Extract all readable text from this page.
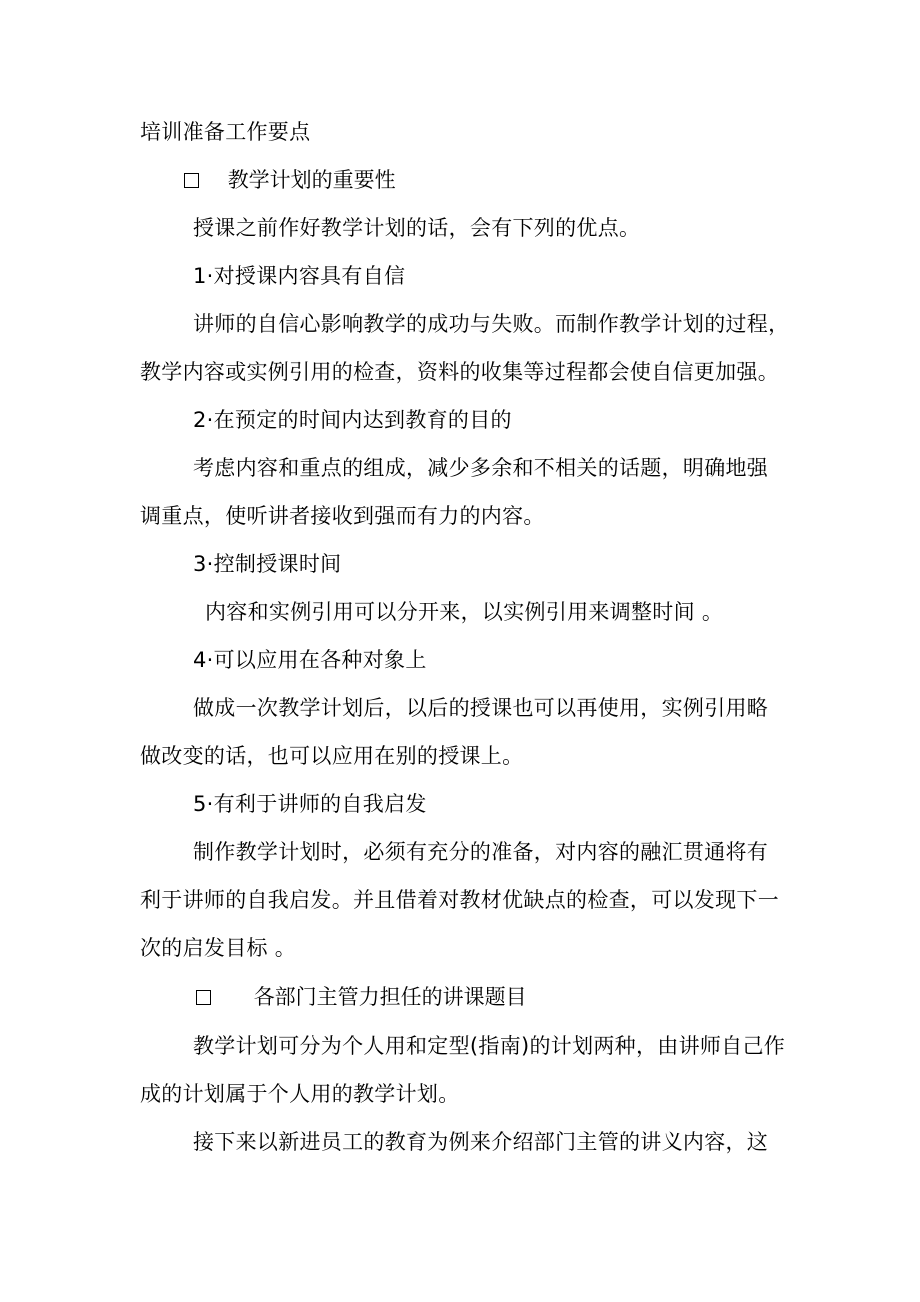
培训准备工作要点
教学计划的重要性
授课之前作好教学计划的话，会有下列的优点。
1·对授课内容具有自信
讲师的自信心影响教学的成功与失败。而制作教学计划的过程，
教学内容或实例引用的检查，资料的收集等过程都会使自信更加强。
2·在预定的时间内达到教育的目的
考虑内容和重点的组成，减少多余和不相关的话题，明确地强
调重点，使听讲者接收到强而有力的内容。
3·控制授课时间
内容和实例引用可以分开来，以实例引用来调整时间 。
4·可以应用在各种对象上
做成一次教学计划后，以后的授课也可以再使用，实例引用略
做改变的话，也可以应用在别的授课上。
5·有利于讲师的自我启发
制作教学计划时，必须有充分的准备，对内容的融汇贯通将有
利于讲师的自我启发。并且借着对教材优缺点的检查，可以发现下一
次的启发目标 。
各部门主管力担任的讲课题目
教学计划可分为个人用和定型(指南)的计划两种，由讲师自己作
成的计划属于个人用的教学计划。
接下来以新进员工的教育为例来介绍部门主管的讲义内容，这
